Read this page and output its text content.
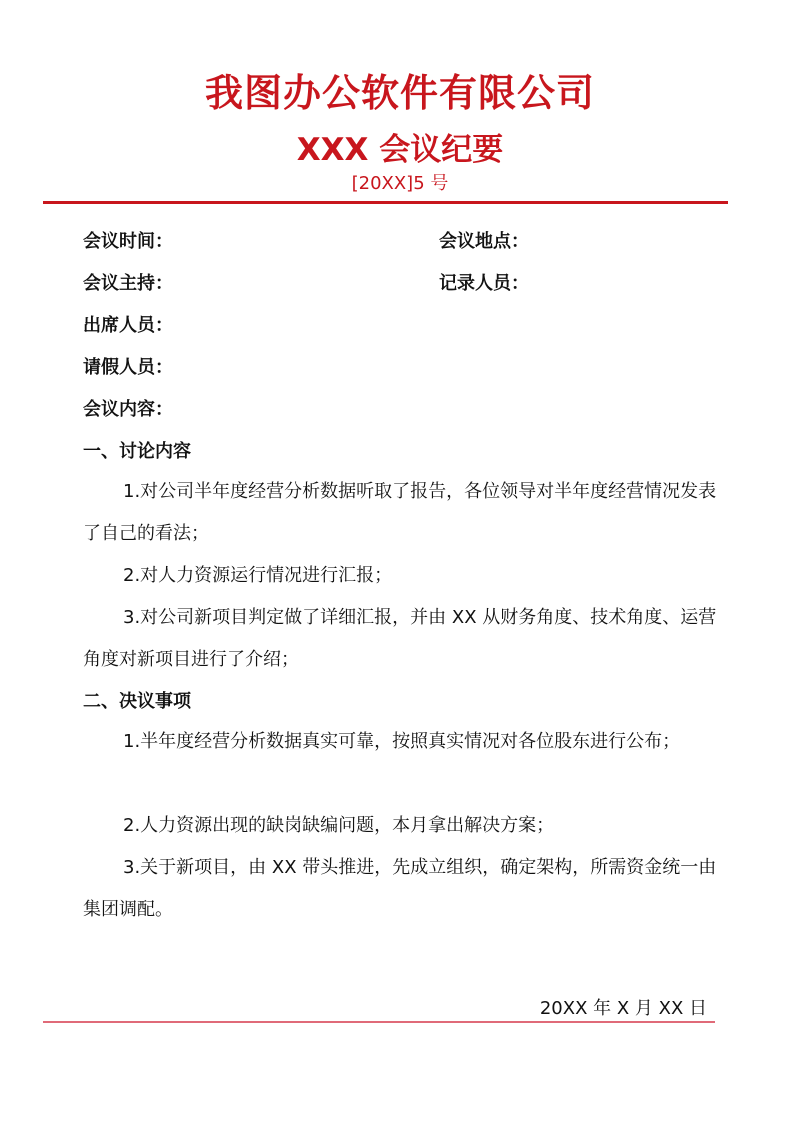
我图办公软件有限公司
XXX 会议纪要
[20XX]5 号
会议时间：	会议地点：
会议主持：	记录人员：
出席人员：
请假人员：
会议内容：
一、讨论内容
1.对公司半年度经营分析数据听取了报告，各位领导对半年度经营情况发表了自己的看法；
2.对人力资源运行情况进行汇报；
3.对公司新项目判定做了详细汇报，并由 XX 从财务角度、技术角度、运营角度对新项目进行了介绍；
二、决议事项
1.半年度经营分析数据真实可靠，按照真实情况对各位股东进行公布；
2.人力资源出现的缺岗缺编问题，本月拿出解决方案；
3.关于新项目，由 XX 带头推进，先成立组织，确定架构，所需资金统一由集团调配。
20XX 年 X 月 XX 日
